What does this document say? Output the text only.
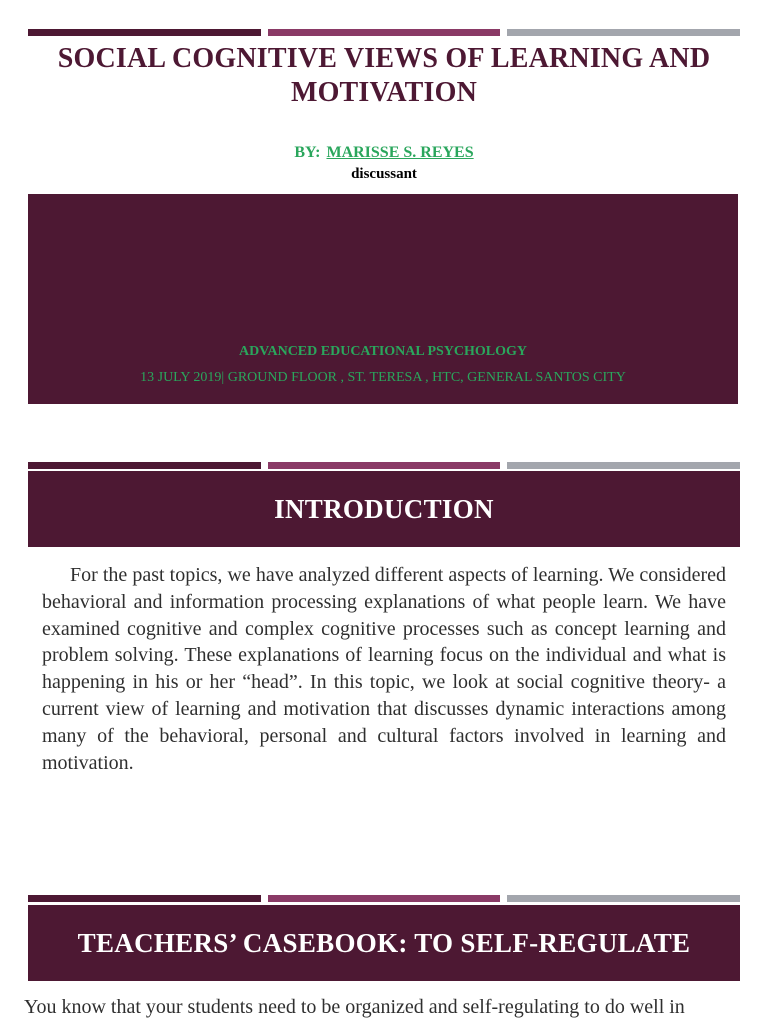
SOCIAL COGNITIVE VIEWS OF LEARNING AND MOTIVATION
BY: MARISSE S. REYES
discussant
ADVANCED EDUCATIONAL PSYCHOLOGY
13 JULY 2019| GROUND FLOOR , ST. TERESA , HTC, GENERAL SANTOS CITY
INTRODUCTION

For the past topics, we have analyzed different aspects of learning. We considered behavioral and information processing explanations of what people learn. We have examined cognitive and complex cognitive processes such as concept learning and problem solving. These explanations of learning focus on the individual and what is happening in his or her “head”. In this topic, we look at social cognitive theory- a current view of learning and motivation that discusses dynamic interactions among many of the behavioral, personal and cultural factors involved in learning and motivation.

TEACHERS’ CASEBOOK: TO SELF-REGULATE
You know that your students need to be organized and self-regulating to do well in
